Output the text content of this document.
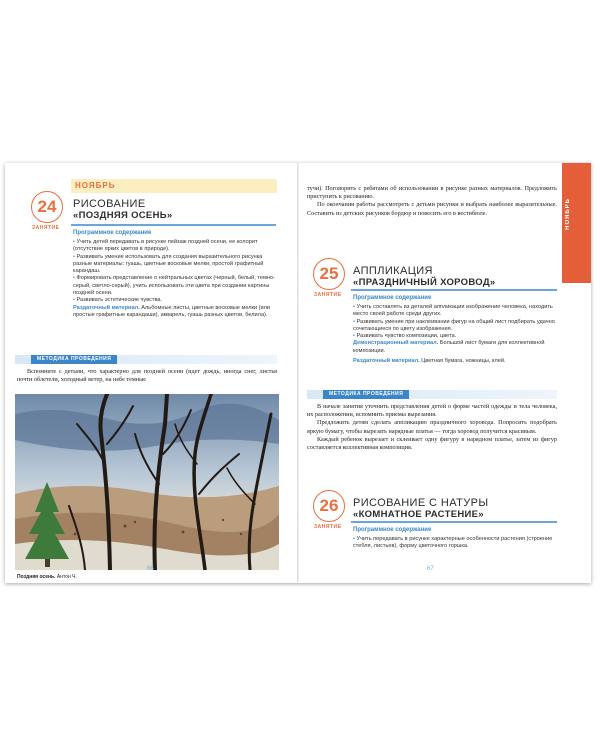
НОЯБРЬ
24
ЗАНЯТИЕ
РИСОВАНИЕ
«ПОЗДНЯЯ ОСЕНЬ»
Программное содержание

• Учить детей передавать в рисунке пейзаж поздней осени, ее колорит (отсутствие ярких цветов в природе).

• Развивать умение использовать для создания выразительного рисунка разные материалы: гуашь, цветные восковые мелки, простой графитный карандаш.

• Формировать представление о нейтральных цветах (черный, белый, темно-серый, светло-серый), учить использовать эти цвета при создании картины поздней осени.

• Развивать эстетические чувства.

Раздаточный материал. Альбомные листы, цветные восковые мелки (или простые графитные карандаши), акварель, гуашь разных цветов, белила).

МЕТОДИКА ПРОВЕДЕНИЯ

Вспомните с детьми, что характерно для поздней осени (идет дождь, иногда снег, листья почти облетели, холодный ветер, на небе темные

Поздняя осень. Антон Ч.
66
НОЯБРЬ

тучи). Поговорить с ребятами об использовании в рисунке разных материалов. Предложить приступить к рисованию.

По окончании работы рассмотреть с детьми рисунки и выбрать наиболее выразительные. Составить из детских рисунков бордюр и повесить его в вестибюле.

25
ЗАНЯТИЕ
АППЛИКАЦИЯ
«ПРАЗДНИЧНЫЙ ХОРОВОД»
Программное содержание

• Учить составлять из деталей аппликации изображение человека, находить место своей работе среди других.

• Развивать умение при наклеивании фигур на общий лист подбирать удачно сочетающиеся по цвету изображения.

• Развивать чувство композиции, цвета.

Демонстрационный материал. Большой лист бумаги для коллективной композиции.

Раздаточный материал. Цветная бумага, ножницы, клей.

МЕТОДИКА ПРОВЕДЕНИЯ

В начале занятия уточнить представления детей о форме частей одежды и тела человека, их расположении, вспомнить приемы вырезания.

Предложить детям сделать аппликацию праздничного хоровода. Попросить подобрать яркую бумагу, чтобы вырезать нарядные платья — тогда хоровод получится красивым.

Каждый ребенок вырезает и склеивает одну фигуру в нарядном платье, затем из фигур составляется коллективная композиция.

26
ЗАНЯТИЕ
РИСОВАНИЕ С НАТУРЫ
«КОМНАТНОЕ РАСТЕНИЕ»
Программное содержание

• Учить передавать в рисунке характерные особенности растения (строение стебля, листьев), форму цветочного горшка.

67
